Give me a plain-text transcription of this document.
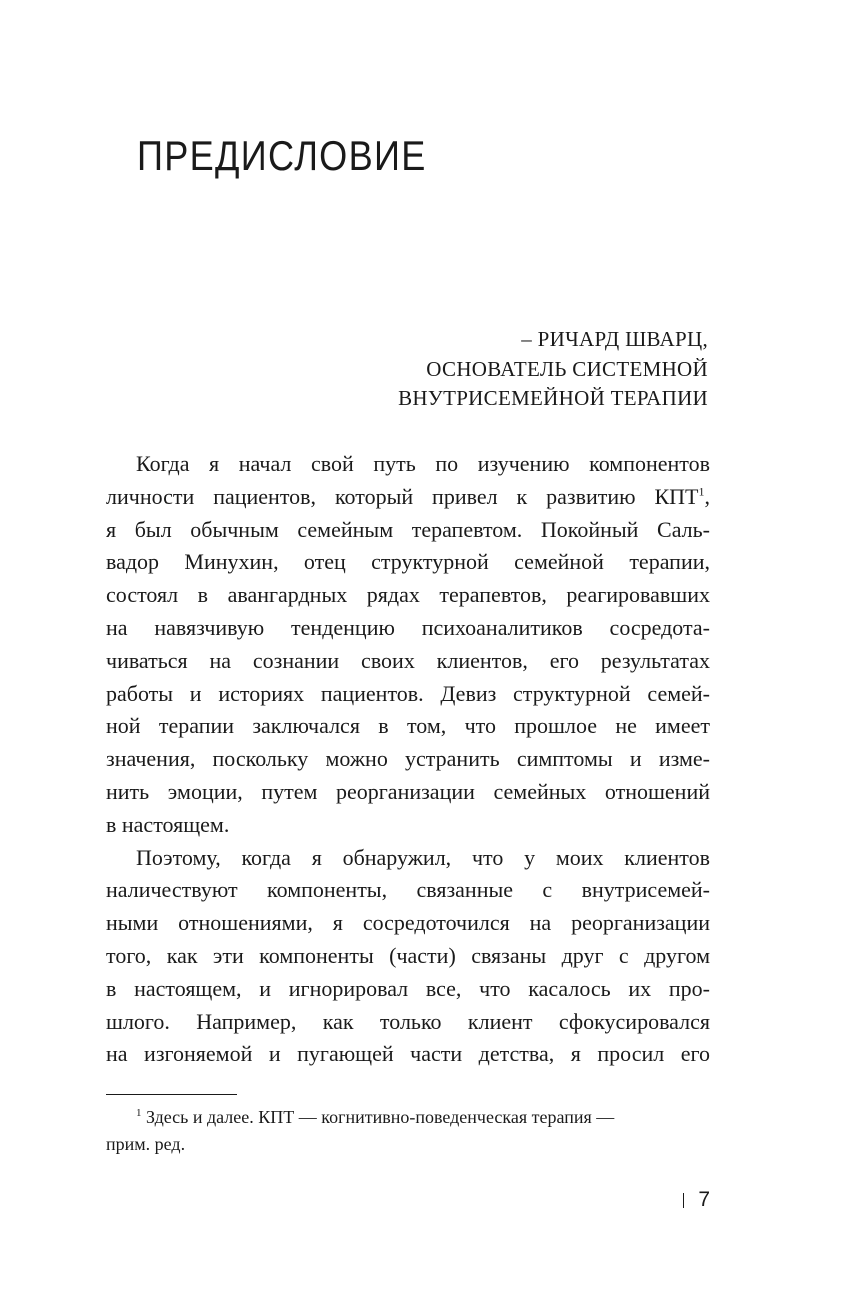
ПРЕДИСЛОВИЕ
– РИЧАРД ШВАРЦ,
ОСНОВАТЕЛЬ СИСТЕМНОЙ
ВНУТРИСЕМЕЙНОЙ ТЕРАПИИ
Когда я начал свой путь по изучению компонентов
личности пациентов, который привел к развитию КПТ$^1$,
я был обычным семейным терапевтом. Покойный Саль-
вадор Минухин, отец структурной семейной терапии,
состоял в авангардных рядах терапевтов, реагировавших
на навязчивую тенденцию психоаналитиков сосредота-
чиваться на сознании своих клиентов, его результатах
работы и историях пациентов. Девиз структурной семей-
ной терапии заключался в том, что прошлое не имеет
значения, поскольку можно устранить симптомы и изме-
нить эмоции, путем реорганизации семейных отношений
в настоящем.
Поэтому, когда я обнаружил, что у моих клиентов
наличествуют компоненты, связанные с внутрисемей-
ными отношениями, я сосредоточился на реорганизации
того, как эти компоненты (части) связаны друг с другом
в настоящем, и игнорировал все, что касалось их про-
шлого. Например, как только клиент сфокусировался
на изгоняемой и пугающей части детства, я просил его
$^1$ Здесь и далее. КПТ — когнитивно-поведенческая терапия —
прим. ред.
7
